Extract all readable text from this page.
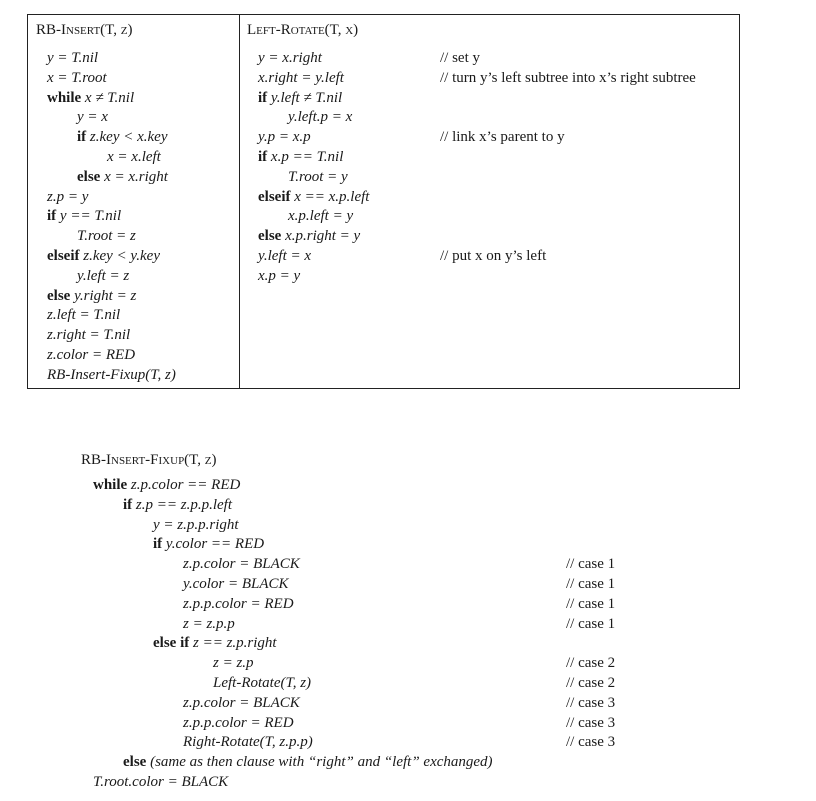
RB-Insert(T, z)
y = T.nil
x = T.root
while x ≠ T.nil
y = x
if z.key < x.key
x = x.left
else x = x.right
z.p = y
if y == T.nil
T.root = z
elseif z.key < y.key
y.left = z
else y.right = z
z.left = T.nil
z.right = T.nil
z.color = RED
RB-Insert-Fixup(T, z)
Left-Rotate(T, x)
y = x.right	// set y
x.right = y.left	// turn y’s left subtree into x’s right subtree
if y.left ≠ T.nil
y.left.p = x
y.p = x.p	// link x’s parent to y
if x.p == T.nil
T.root = y
elseif x == x.p.left
x.p.left = y
else x.p.right = y
y.left = x	// put x on y’s left
x.p = y
RB-Insert-Fixup(T, z)
while z.p.color == RED
if z.p == z.p.p.left
y = z.p.p.right
if y.color == RED
z.p.color = BLACK	// case 1
y.color = BLACK	// case 1
z.p.p.color = RED	// case 1
z = z.p.p	// case 1
else if z == z.p.right
z = z.p	// case 2
Left-Rotate(T, z)	// case 2
z.p.color = BLACK	// case 3
z.p.p.color = RED	// case 3
Right-Rotate(T, z.p.p)	// case 3
else (same as then clause with “right” and “left” exchanged)
T.root.color = BLACK
